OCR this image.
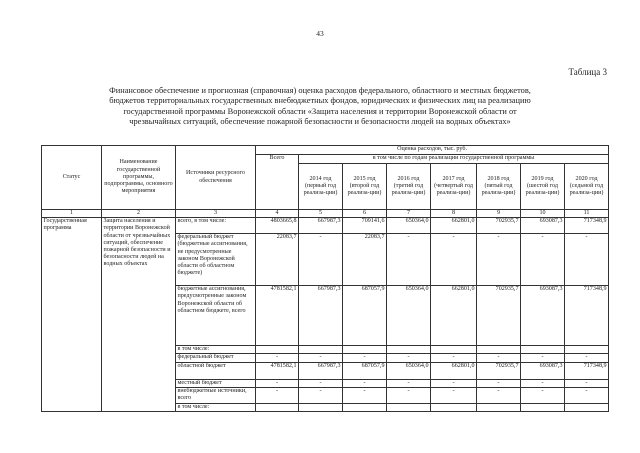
43
Таблица 3
Финансовое обеспечение и прогнозная (справочная) оценка расходов федерального, областного и местных бюджетов,
бюджетов территориальных государственных внебюджетных фондов, юридических и физических лиц на реализацию
государственной программы Воронежской области «Защита населения и территории Воронежской области от
чрезвычайных ситуаций, обеспечение пожарной безопасности и безопасности людей на водных объектах»
Статус	Наименование государственной программы, подпрограммы, основного мероприятия	Источники ресурсного обеспечения	Оценка расходов, тыс. руб.							
			Всего	в том числе по годам реализации государственной программы						
				2014 год (первый год реализа-ции)	2015 год (второй год реализа-ции)	2016 год (третий год реализа-ции)	2017 год (четвертый год реализа-ции)	2018 год (пятый год реализа-ции)	2019 год (шестой год реализа-ции)	2020 год (седьмой год реализа-ции)
1	2	3	4	5	6	7	8	9	10	11
Государственная программа	Защита населения и территории Воронежской области от чрезвычайных ситуаций, обеспечение пожарной безопасности и безопасности людей на водных объектах	всего, в том числе:	4803665,8	667987,3	709141,6	650364,0	662801,0	702935,7	693087,3	717348,9
		федеральный бюджет (бюджетные ассигнования, не предусмотренные законом Воронежской области об областном бюджете)	22083,7	-	22083,7	-	-	-	-	-
		бюджетные ассигнования, предусмотренные законом Воронежской области об областном бюджете, всего	4781582,1	667987,3	687057,9	650364,0	662801,0	702935,7	693087,3	717348,9
		в том числе:								
		федеральный бюджет	-	-	-	-	-	-	-	-
		областной бюджет	4781582,1	667987,3	687057,9	650364,0	662801,0	702935,7	693087,3	717348,9
		местный бюджет	-	-	-	-	-	-	-	-
		внебюджетные источники, всего	-	-	-	-	-	-	-	-
		в том числе:								
